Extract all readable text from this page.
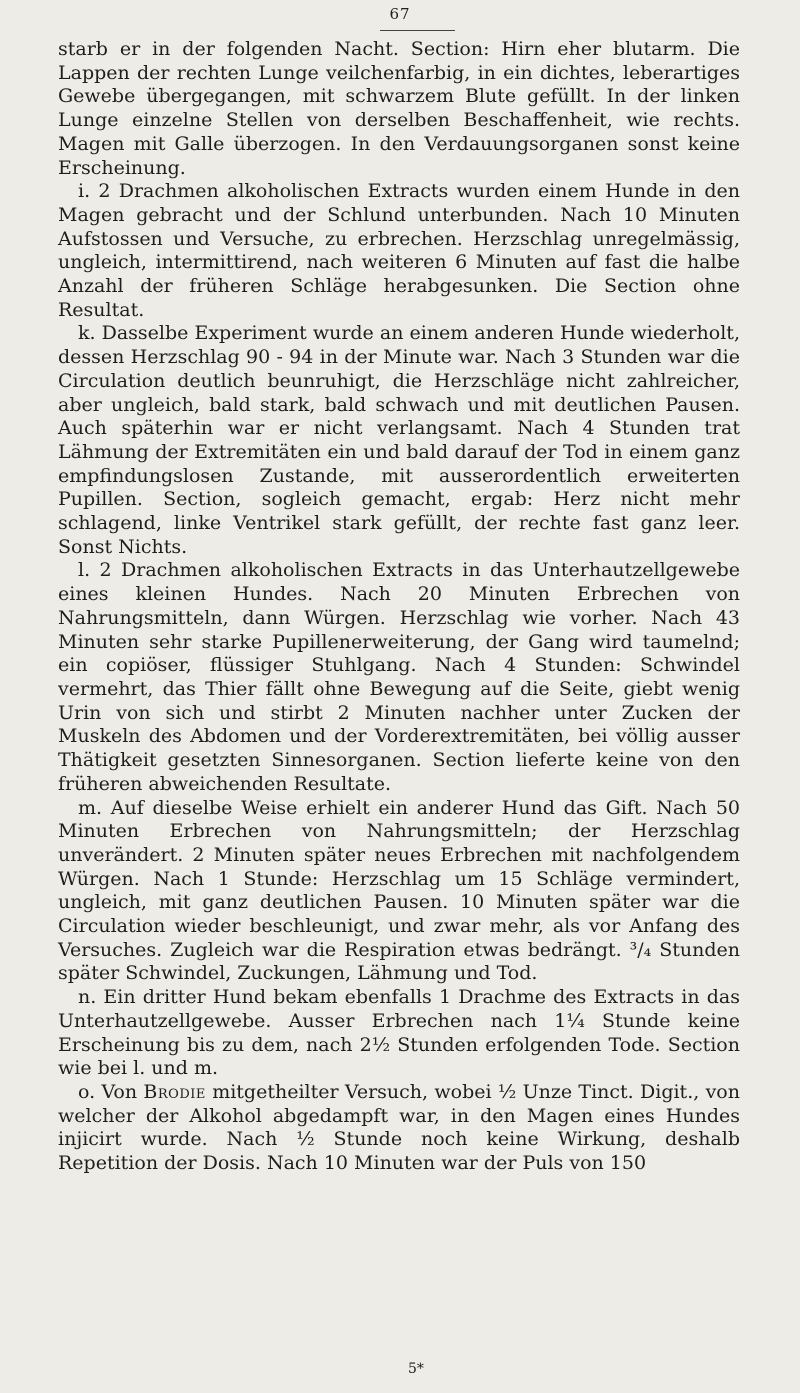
67

starb er in der folgenden Nacht. Section: Hirn eher blutarm. Die Lappen der rechten Lunge veilchenfarbig, in ein dichtes, leberartiges Gewebe übergegangen, mit schwarzem Blute gefüllt. In der linken Lunge einzelne Stellen von derselben Beschaffenheit, wie rechts. Magen mit Galle überzogen. In den Verdauungsorganen sonst keine Erscheinung.

i. 2 Drachmen alkoholischen Extracts wurden einem Hunde in den Magen gebracht und der Schlund unterbunden. Nach 10 Minuten Aufstossen und Versuche, zu erbrechen. Herzschlag unregelmässig, ungleich, intermittirend, nach weiteren 6 Minuten auf fast die halbe Anzahl der früheren Schläge herabgesunken. Die Section ohne Resultat.

k. Dasselbe Experiment wurde an einem anderen Hunde wiederholt, dessen Herzschlag 90 - 94 in der Minute war. Nach 3 Stunden war die Circulation deutlich beunruhigt, die Herzschläge nicht zahlreicher, aber ungleich, bald stark, bald schwach und mit deutlichen Pausen. Auch späterhin war er nicht verlangsamt. Nach 4 Stunden trat Lähmung der Extremitäten ein und bald darauf der Tod in einem ganz empfindungslosen Zustande, mit ausserordentlich erweiterten Pupillen. Section, sogleich gemacht, ergab: Herz nicht mehr schlagend, linke Ventrikel stark gefüllt, der rechte fast ganz leer. Sonst Nichts.

l. 2 Drachmen alkoholischen Extracts in das Unterhautzellgewebe eines kleinen Hundes. Nach 20 Minuten Erbrechen von Nahrungsmitteln, dann Würgen. Herzschlag wie vorher. Nach 43 Minuten sehr starke Pupillenerweiterung, der Gang wird taumelnd; ein copiöser, flüssiger Stuhlgang. Nach 4 Stunden: Schwindel vermehrt, das Thier fällt ohne Bewegung auf die Seite, giebt wenig Urin von sich und stirbt 2 Minuten nachher unter Zucken der Muskeln des Abdomen und der Vorderextremitäten, bei völlig ausser Thätigkeit gesetzten Sinnesorganen. Section lieferte keine von den früheren abweichenden Resultate.

m. Auf dieselbe Weise erhielt ein anderer Hund das Gift. Nach 50 Minuten Erbrechen von Nahrungsmitteln; der Herzschlag unverändert. 2 Minuten später neues Erbrechen mit nachfolgendem Würgen. Nach 1 Stunde: Herzschlag um 15 Schläge vermindert, ungleich, mit ganz deutlichen Pausen. 10 Minuten später war die Circulation wieder beschleunigt, und zwar mehr, als vor Anfang des Versuches. Zugleich war die Respiration etwas bedrängt. ³/₄ Stunden später Schwindel, Zuckungen, Lähmung und Tod.

n. Ein dritter Hund bekam ebenfalls 1 Drachme des Extracts in das Unterhautzellgewebe. Ausser Erbrechen nach 1¼ Stunde keine Erscheinung bis zu dem, nach 2½ Stunden erfolgenden Tode. Section wie bei l. und m.

o. Von Brodie mitgetheilter Versuch, wobei ½ Unze Tinct. Digit., von welcher der Alkohol abgedampft war, in den Magen eines Hundes injicirt wurde. Nach ½ Stunde noch keine Wirkung, deshalb Repetition der Dosis. Nach 10 Minuten war der Puls von 150

5*
